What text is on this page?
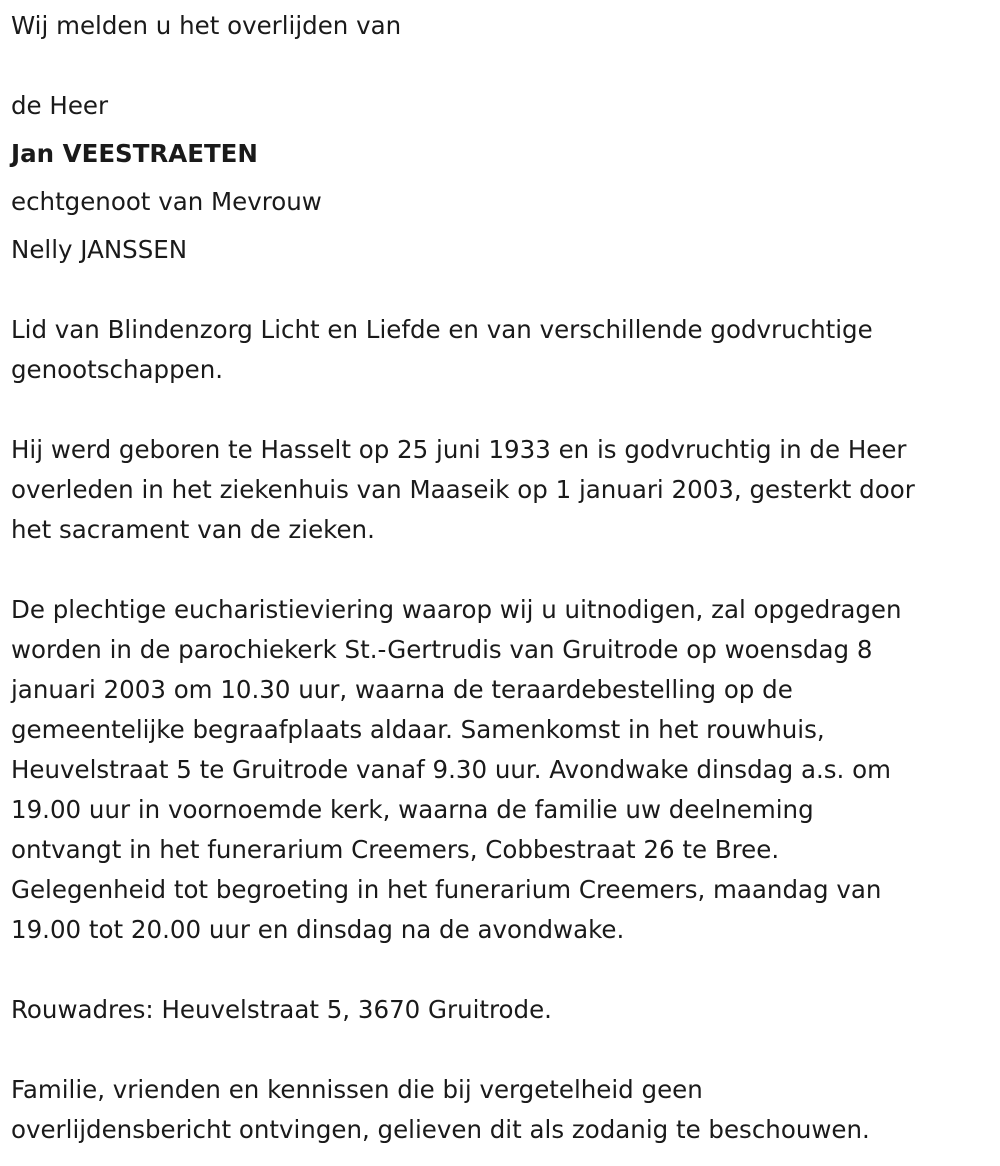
Wij melden u het overlijden van

de Heer

Jan VEESTRAETEN

echtgenoot van Mevrouw

Nelly JANSSEN

Lid van Blindenzorg Licht en Liefde en van verschillende godvruchtige

genootschappen.

Hij werd geboren te Hasselt op 25 juni 1933 en is godvruchtig in de Heer

overleden in het ziekenhuis van Maaseik op 1 januari 2003, gesterkt door

het sacrament van de zieken.

De plechtige eucharistieviering waarop wij u uitnodigen, zal opgedragen

worden in de parochiekerk St.-Gertrudis van Gruitrode op woensdag 8

januari 2003 om 10.30 uur, waarna de teraardebestelling op de

gemeentelijke begraafplaats aldaar. Samenkomst in het rouwhuis,

Heuvelstraat 5 te Gruitrode vanaf 9.30 uur. Avondwake dinsdag a.s. om

19.00 uur in voornoemde kerk, waarna de familie uw deelneming

ontvangt in het funerarium Creemers, Cobbestraat 26 te Bree.

Gelegenheid tot begroeting in het funerarium Creemers, maandag van

19.00 tot 20.00 uur en dinsdag na de avondwake.

Rouwadres: Heuvelstraat 5, 3670 Gruitrode.

Familie, vrienden en kennissen die bij vergetelheid geen

overlijdensbericht ontvingen, gelieven dit als zodanig te beschouwen.
